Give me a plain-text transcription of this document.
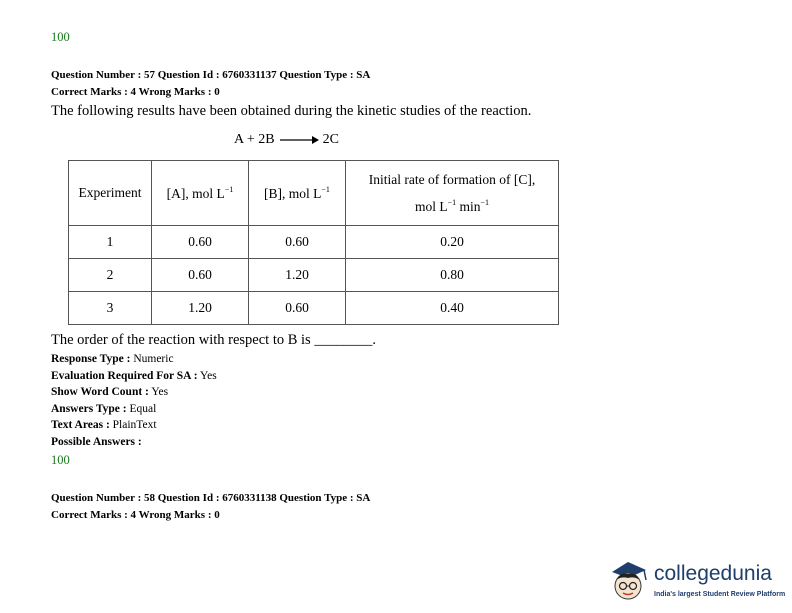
100
Question Number : 57 Question Id : 6760331137 Question Type : SA
Correct Marks : 4 Wrong Marks : 0
The following results have been obtained during the kinetic studies of the reaction.
A + 2B → 2C
Experiment	[A], mol $L^{-1}$	[B], mol $L^{-1}$	Initial rate of formation of [C],
mol $L^{-1}$ $\min^{-1}$
1	0.60	0.60	0.20
2	0.60	1.20	0.80
3	1.20	0.60	0.40
The order of the reaction with respect to B is ________.
Response Type : Numeric
Evaluation Required For SA : Yes
Show Word Count : Yes
Answers Type : Equal
Text Areas : PlainText
Possible Answers :
100
Question Number : 58 Question Id : 6760331138 Question Type : SA
Correct Marks : 4 Wrong Marks : 0
collegedunia
India's largest Student Review Platform
